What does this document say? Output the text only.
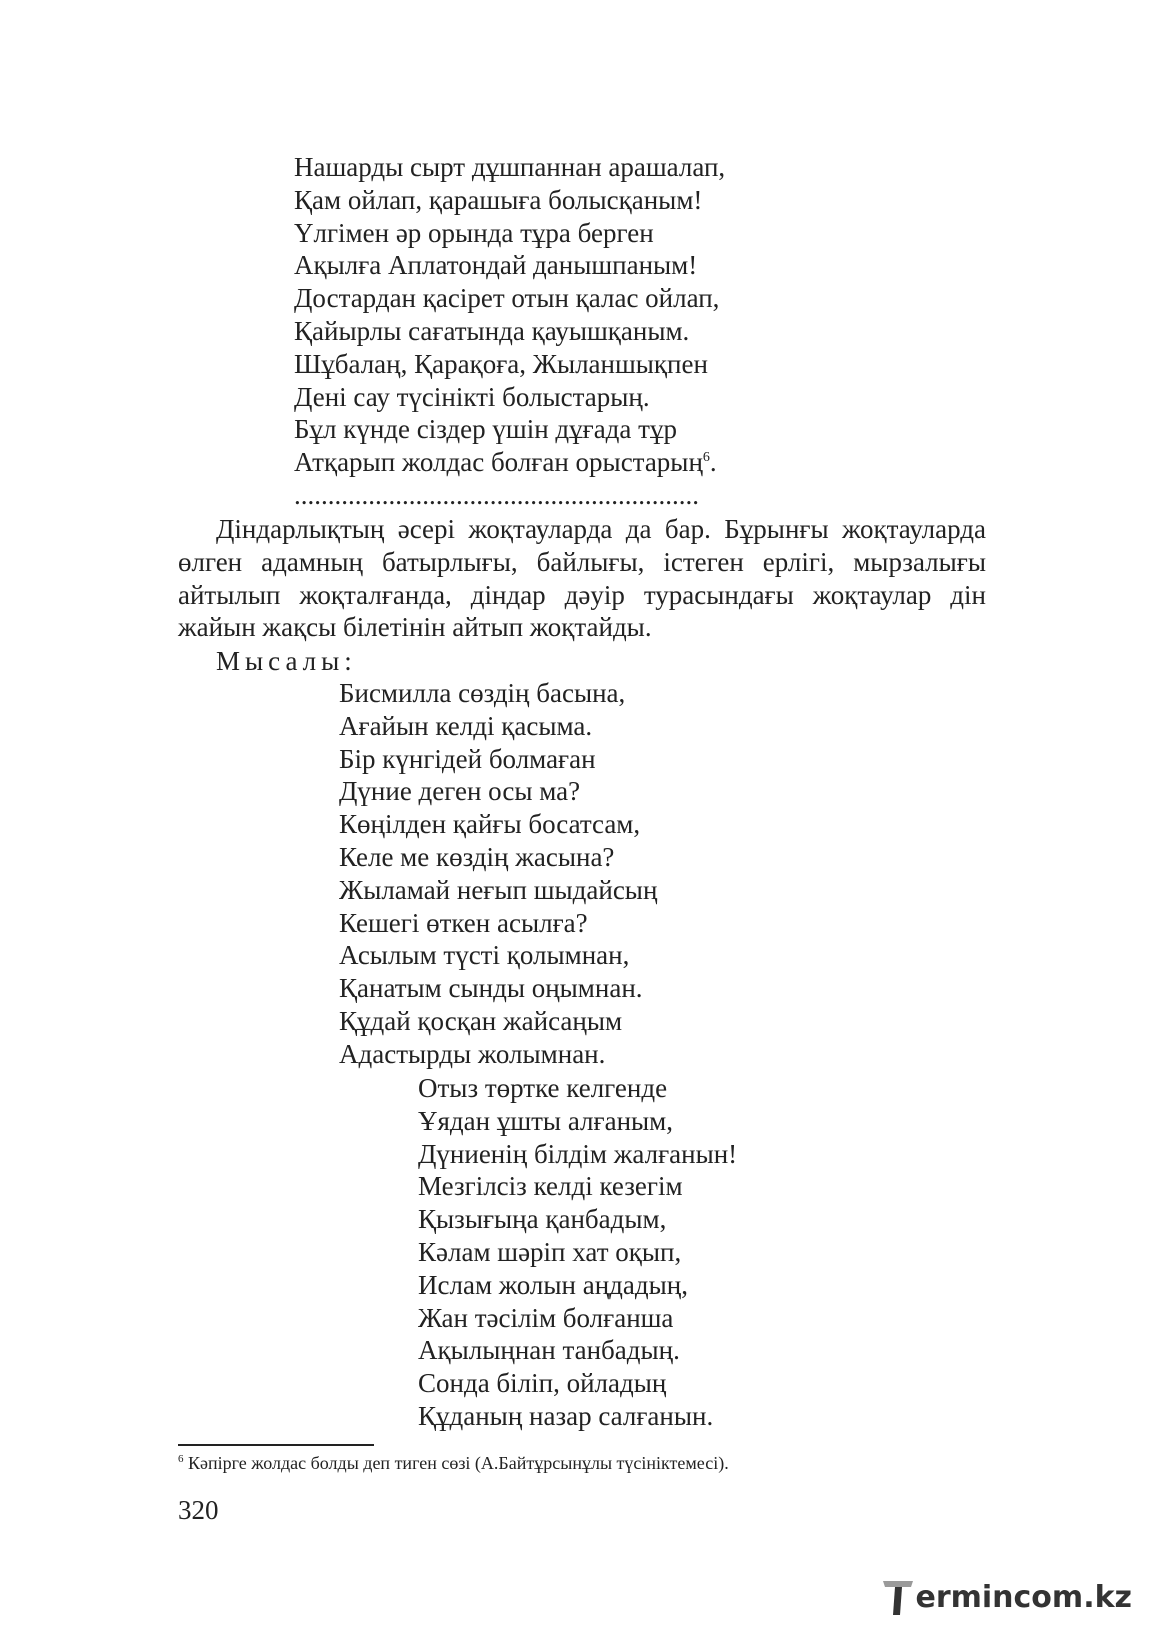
Нашарды сырт дұшпаннан арашалап,
Қам ойлап, қарашыға болысқаным!
Үлгімен әр орында тұра берген
Ақылға Аплатондай данышпаным!
Достардан қасірет отын қалас ойлап,
Қайырлы сағатында қауышқаным.
Шұбалаң, Қарақоға, Жыланшықпен
Дені сау түсінікті болыстарың.
Бұл күнде сіздер үшін дұғада тұр
Атқарып жолдас болған орыстарың$^6$.
............................................................

Діндарлықтың әсері жоқтауларда да бар. Бұрынғы жоқтауларда өлген адамның батырлығы, байлығы, істеген ерлігі, мырзалығы айтылып жоқталғанда, діндар дәуір турасындағы жоқтаулар дін жайын жақсы білетінін айтып жоқтайды.

Мысалы:

Бисмилла сөздің басына,
Ағайын келді қасыма.
Бір күнгідей болмаған
Дүние деген осы ма?
Көңілден қайғы босатсам,
Келе ме көздің жасына?
Жыламай неғып шыдайсың
Кешегі өткен асылға?
Асылым түсті қолымнан,
Қанатым сынды оңымнан.
Құдай қосқан жайсаңым
Адастырды жолымнан.
Отыз төртке келгенде
Ұядан ұшты алғаным,
Дүниенің білдім жалғанын!
Мезгілсіз келді кезегім
Қызығыңа қанбадым,
Кәлам шәріп хат оқып,
Ислам жолын аңдадың,
Жан тәсілім болғанша
Ақылыңнан танбадың.
Сонда біліп, ойладың
Құданың назар салғанын.
$^6$ Кәпірге жолдас болды деп тиген сөзі (А.Байтұрсынұлы түсініктемесі).
320
ermincom .kz
